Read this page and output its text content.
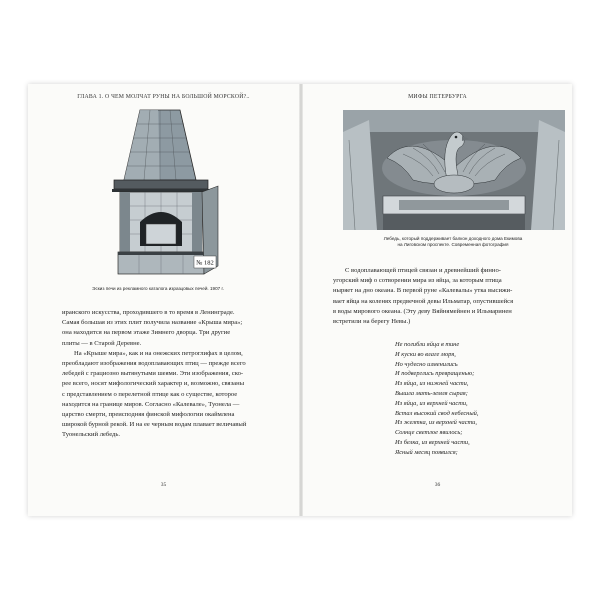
ГЛАВА 1. О ЧЕМ МОЛЧАТ РУНЫ НА БОЛЬШОЙ МОРСКОЙ?..
№ 182
Эскиз печи из рекламного каталога изразцовых печей. 1907 г.
иранского искусства, проходившего в то время в Ленинграде.
Самая большая из этих плит получила название «Крыша мира»;
она находится на первом этаже Зимнего дворца. Три другие
плиты — в Старой Деревне.
На «Крыше мира», как и на онежских петроглифах в целом,
преобладают изображения водоплавающих птиц — прежде всего
лебедей с грациозно вытянутыми шеями. Эти изображения, ско-
рее всего, носят мифологический характер и, возможно, связаны
с представлением о перелетной птице как о существе, которое
находится на границе миров. Согласно «Калевале», Туонела —
царство смерти, преисподняя финской мифологии окаймлена
широкой бурной рекой. И на ее черным водам плавает величавый
Туонельский лебедь.
35
МИФЫ ПЕТЕРБУРГА
Лебедь, который поддерживает балкон доходного дома Екимова
на Лиговском проспекте. Современная фотография
С водоплавающей птицей связан и древнейший финно-
угорский миф о сотворении мира из яйца, за которым птица
ныряет на дно океана. В первой руне «Калевалы» утка высижи-
вает яйца на коленях предвечной девы Ильматар, опустившейся
в воды мирового океана. (Эту деву Вяйнямейнен и Ильмаринен
встретили на берегу Невы.)
Не погибли яйца в тине
И куски во влаге моря,
Но чудесно изменились
И подверглись превращенью;
Из яйца, из нижней части,
Вышла мать-земля сырая;
Из яйца, из верхней части,
Встал высокий свод небесный,
Из желтка, из верхней части,
Солнце светлое явилось;
Из белка, из верхней части,
Ясный месяц появился;
36
